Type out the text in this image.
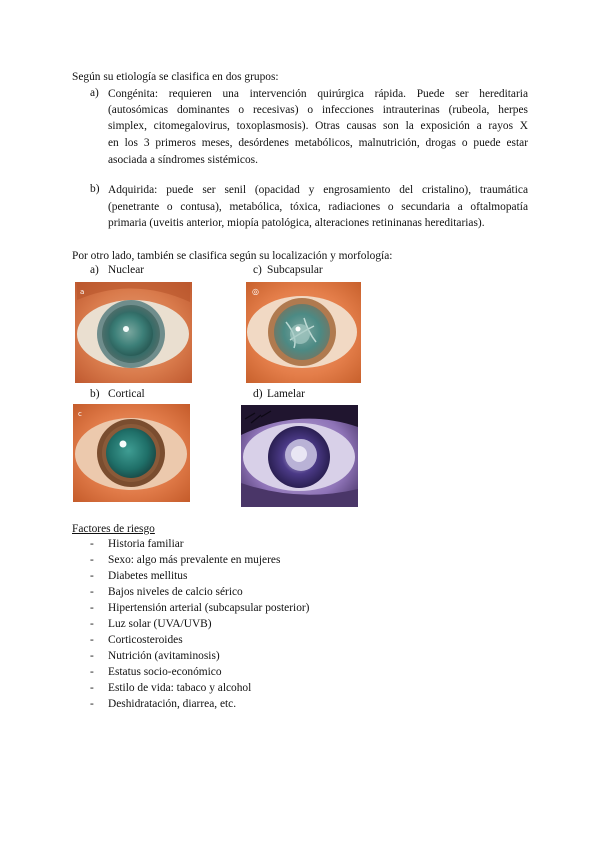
Según su etiología se clasifica en dos grupos:
a) Congénita: requieren una intervención quirúrgica rápida. Puede ser hereditaria
(autosómicas dominantes o recesivas) o infecciones intrauterinas (rubeola, herpes
simplex, citomegalovirus, toxoplasmosis). Otras causas son la exposición a rayos X
en los 3 primeros meses, desórdenes metabólicos, malnutrición, drogas o puede estar
asociada a síndromes sistémicos.
b) Adquirida: puede ser senil (opacidad y engrosamiento del cristalino), traumática
(penetrante o contusa), metabólica, tóxica, radiaciones o secundaria a oftalmopatía
primaria (uveitis anterior, miopía patológica, alteraciones retininanas hereditarias).
Por otro lado, también se clasifica según su localización y morfología:
a) Nuclear	c) Subcapsular
b) Cortical	d) Lamelar
a	◎
c
Factores de riesgo
- Historia familiar
- Sexo: algo más prevalente en mujeres
- Diabetes mellitus
- Bajos niveles de calcio sérico
- Hipertensión arterial (subcapsular posterior)
- Luz solar (UVA/UVB)
- Corticosteroides
- Nutrición (avitaminosis)
- Estatus socio-económico
- Estilo de vida: tabaco y alcohol
- Deshidratación, diarrea, etc.
